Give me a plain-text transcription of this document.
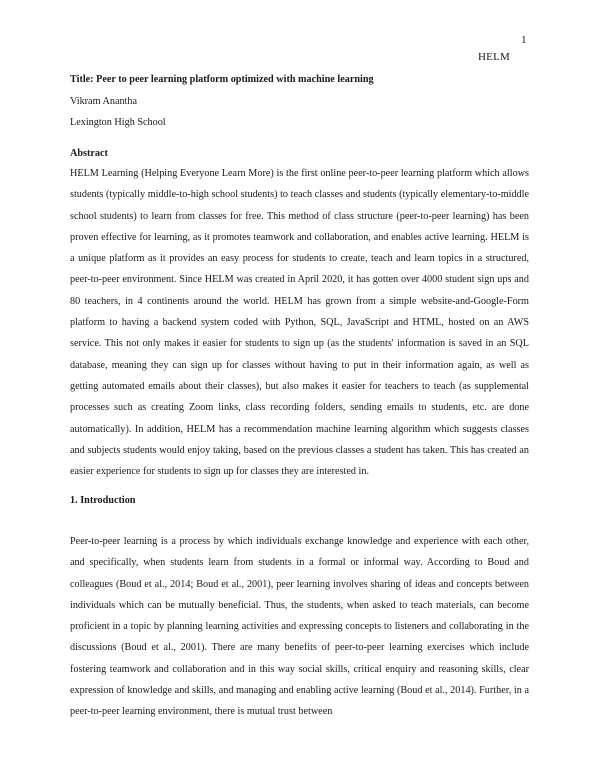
1
HELM
Title: Peer to peer learning platform optimized with machine learning
Vikram Anantha
Lexington High School
Abstract

HELM Learning (Helping Everyone Learn More) is the first online peer-to-peer learning platform which allows students (typically middle-to-high school students) to teach classes and students (typically elementary-to-middle school students) to learn from classes for free. This method of class structure (peer-to-peer learning) has been proven effective for learning, as it promotes teamwork and collaboration, and enables active learning. HELM is a unique platform as it provides an easy process for students to create, teach and learn topics in a structured, peer-to-peer environment. Since HELM was created in April 2020, it has gotten over 4000 student sign ups and 80 teachers, in 4 continents around the world. HELM has grown from a simple website-and-Google-Form platform to having a backend system coded with Python, SQL, JavaScript and HTML, hosted on an AWS service. This not only makes it easier for students to sign up (as the students' information is saved in an SQL database, meaning they can sign up for classes without having to put in their information again, as well as getting automated emails about their classes), but also makes it easier for teachers to teach (as supplemental processes such as creating Zoom links, class recording folders, sending emails to students, etc. are done automatically). In addition, HELM has a recommendation machine learning algorithm which suggests classes and subjects students would enjoy taking, based on the previous classes a student has taken. This has created an easier experience for students to sign up for classes they are interested in.

1. Introduction

Peer-to-peer learning is a process by which individuals exchange knowledge and experience with each other, and specifically, when students learn from students in a formal or informal way. According to Boud and colleagues (Boud et al., 2014; Boud et al., 2001), peer learning involves sharing of ideas and concepts between individuals which can be mutually beneficial. Thus, the students, when asked to teach materials, can become proficient in a topic by planning learning activities and expressing concepts to listeners and collaborating in the discussions (Boud et al., 2001). There are many benefits of peer-to-peer learning exercises which include fostering teamwork and collaboration and in this way social skills, critical enquiry and reasoning skills, clear expression of knowledge and skills, and managing and enabling active learning (Boud et al., 2014). Further, in a peer-to-peer learning environment, there is mutual trust between
